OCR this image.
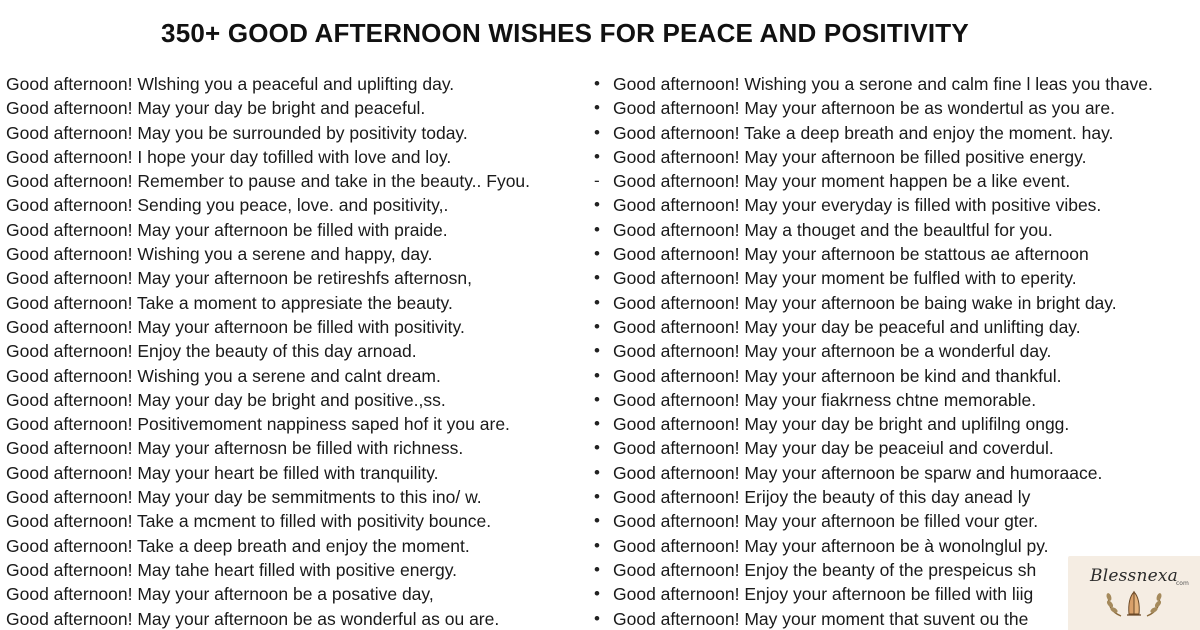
350+ GOOD AFTERNOON WISHES FOR PEACE AND POSITIVITY
Good afternoon! Wlshing you a peaceful and uplifting day.
Good afternoon! May your day be bright and peaceful.
Good afternoon! May you be surrounded by positivity today.
Good afternoon! I hope your day tofilled with love and loy.
Good afternoon! Remember to pause and take in the beauty.. Fyou.
Good afternoon! Sending you peace, love. and positivity,.
Good afternoon! May your afternoon be filled with praide.
Good afternoon! Wishing you a serene and happy, day.
Good afternoon! May your afternoon be retireshfs afternosn,
Good afternoon! Take a moment to appresiate the beauty.
Good afternoon! May your afternoon be filled with positivity.
Good afternoon! Enjoy the beauty of this day arnoad.
Good afternoon! Wishing you a serene and calnt dream.
Good afternoon! May your day be bright and positive.,ss.
Good afternoon! Positivemoment nappiness saped hof it you are.
Good afternoon! May your afternosn be filled with richness.
Good afternoon! May your heart be filled with tranquility.
Good afternoon! May your day be semmitments to this ino/ w.
Good afternoon! Take a mcment to filled with positivity bounce.
Good afternoon! Take a deep breath and enjoy the moment.
Good afternoon! May tahe heart filled with positive energy.
Good afternoon! May your afternoon be a posative day,
Good afternoon! May your afternoon be as wonderful as ou are.
• Good afternoon! Wishing you a serone and calm fine l leas you thave.
• Good afternoon! May your afternoon be as wondertul as you are.
• Good afternoon! Take a deep breath and enjoy the moment. hay.
• Good afternoon! May your afternoon be filled positive energy.
- Good afternoon! May your moment happen be a like event.
• Good afternoon! May your everyday is filled with positive vibes.
• Good afternoon! May a thouget and the beaultful for you.
• Good afternoon! May your afternoon be stattous ae afternoon
• Good afternoon! May your moment be fulfled with to eperity.
• Good afternoon! May your afternoon be baing wake in bright day.
• Good afternoon! May your day be peaceful and unlifting day.
• Good afternoon! May your afternoon be a wonderful day.
• Good afternoon! May your afternoon be kind and thankful.
• Good afternoon! May your fiakrness chtne memorable.
• Good afternoon! May your day be bright and uplifilng ongg.
• Good afternoon! May your day be peaceiul and coverdul.
• Good afternoon! May your afternoon be sparw and humoraace.
• Good afternoon! Erijoy the beauty of this day anead ly
• Good afternoon! May your afternoon be filled vour gter.
• Good afternoon! May your afternoon be à wonolnglul py.
• Good afternoon! Enjoy the beanty of the prespeicus sh
• Good afternoon! Enjoy your afternoon be filled with liig
• Good afternoon! May your moment that suvent ou the
Blessnexa
com
